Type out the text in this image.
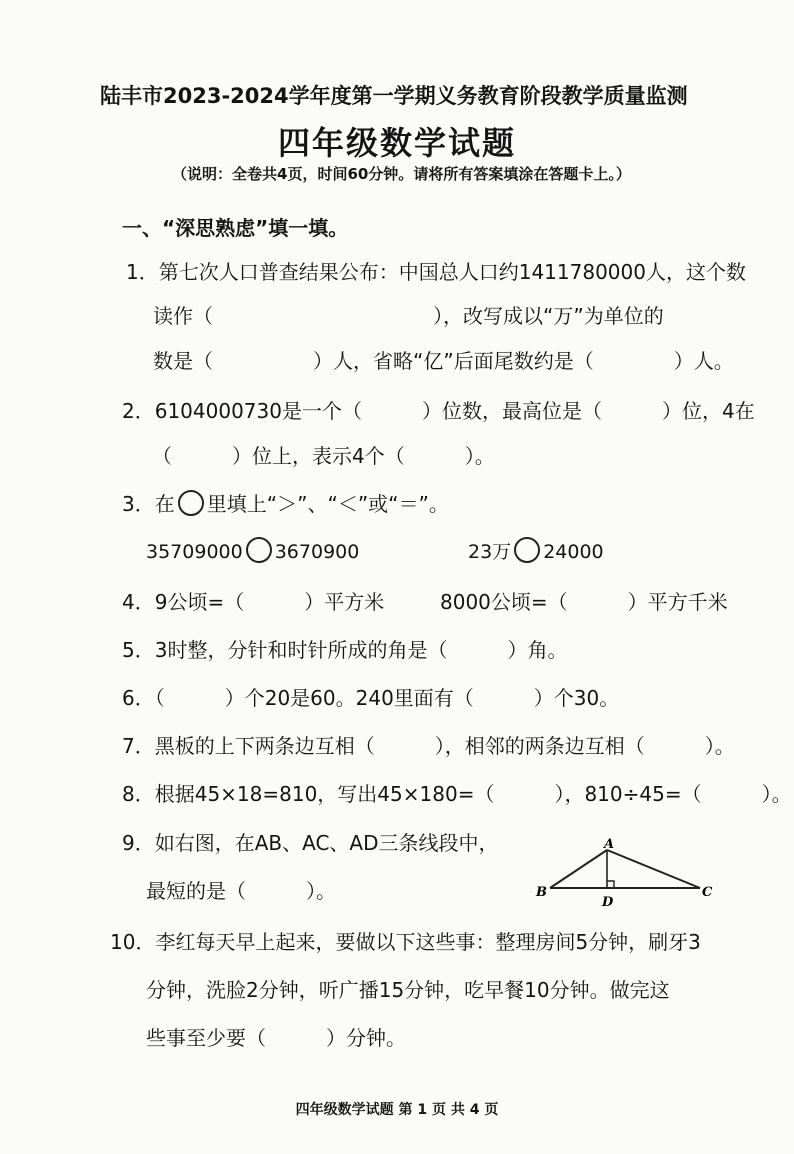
陆丰市2023-2024学年度第一学期义务教育阶段教学质量监测
四年级数学试题
（说明：全卷共4页，时间60分钟。请将所有答案填涂在答题卡上。）
一、“深思熟虑”填一填。
1．第七次人口普查结果公布：中国总人口约1411780000人，这个数
读作（　　　　　　　　　　　），改写成以“万”为单位的
数是（　　　　　）人，省略“亿”后面尾数约是（　　　　）人。
2．6104000730是一个（　　　）位数，最高位是（　　　）位，4在
（　　　）位上，表示4个（　　　）。
3．在 里填上“＞”、“＜”或“＝”。
35709000 3670900	23万 24000
4．9公顷=（　　　）平方米	8000公顷=（　　　）平方千米
5．3时整，分针和时针所成的角是（　　　）角。
6．（　　　）个20是60。240里面有（　　　）个30。
7．黑板的上下两条边互相（　　　），相邻的两条边互相（　　　）。
8．根据45×18=810，写出45×180=（　　　），810÷45=（　　　）。
9．如右图，在AB、AC、AD三条线段中，
最短的是（　　　）。
A
B	C
D
10．李红每天早上起来，要做以下这些事：整理房间5分钟，刷牙3
分钟，洗脸2分钟，听广播15分钟，吃早餐10分钟。做完这
些事至少要（　　　）分钟。
四年级数学试题 第 1 页 共 4 页
